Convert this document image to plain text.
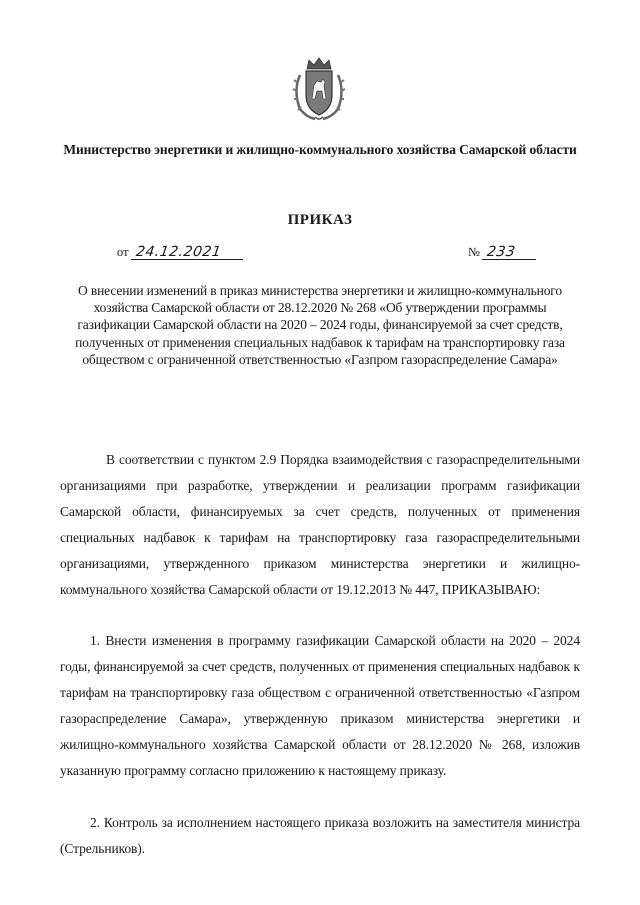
Министерство энергетики и жилищно-коммунального хозяйства Самарской области
ПРИКАЗ
от 24.12.2021	№ 233
О внесении изменений в приказ министерства энергетики и жилищно-коммунального хозяйства Самарской области от 28.12.2020 № 268 «Об утверждении программы газификации Самарской области на 2020 – 2024 годы, финансируемой за счет средств, полученных от применения специальных надбавок к тарифам на транспортировку газа обществом с ограниченной ответственностью «Газпром газораспределение Самара»
В соответствии с пунктом 2.9 Порядка взаимодействия с газораспределительными организациями при разработке, утверждении и реализации программ газификации Самарской области, финансируемых за счет средств, полученных от применения специальных надбавок к тарифам на транспортировку газа газораспределительными организациями, утвержденного приказом министерства энергетики и жилищно-коммунального хозяйства Самарской области от 19.12.2013 № 447, ПРИКАЗЫВАЮ:
1. Внести изменения в программу газификации Самарской области на 2020 – 2024 годы, финансируемой за счет средств, полученных от применения специальных надбавок к тарифам на транспортировку газа обществом с ограниченной ответственностью «Газпром газораспределение Самара», утвержденную приказом министерства энергетики и жилищно-коммунального хозяйства Самарской области от 28.12.2020 № 268, изложив указанную программу согласно приложению к настоящему приказу.
2. Контроль за исполнением настоящего приказа возложить на заместителя министра (Стрельников).
